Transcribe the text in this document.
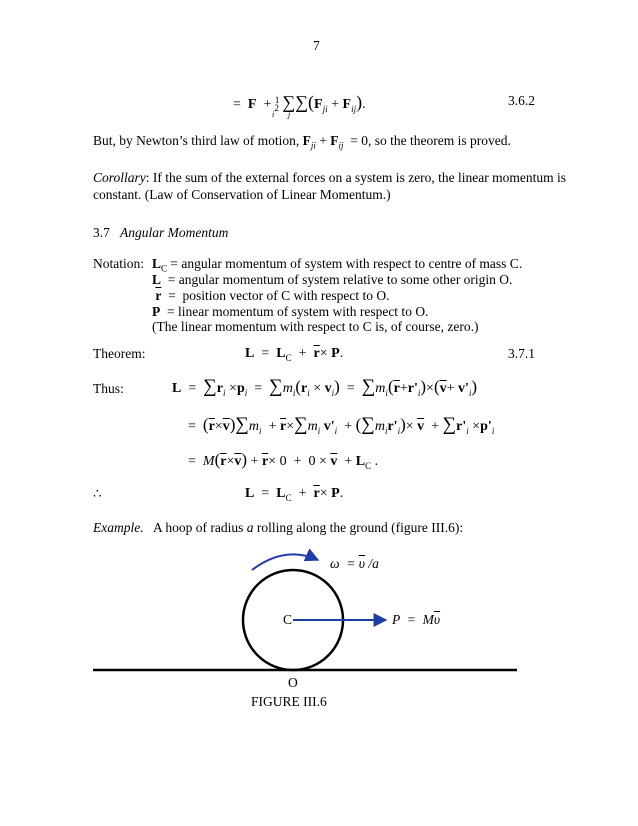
7
=  F  + $^1_2$ $\sum\sum(F_{ji} + F_{ij})$.
i j
3.6.2
But, by Newton’s third law of motion, $F_{ji} + F_{ij} = 0$, so the theorem is proved.
Corollary: If the sum of the external forces on a system is zero, the linear momentum is
constant. (Law of Conservation of Linear Momentum.)
3.7 Angular Momentum
Notation: $L_C$ = angular momentum of system with respect to centre of mass C.
L  = angular momentum of system relative to some other origin O.
$\overline{r}$  =  position vector of C with respect to O.
P  = linear momentum of system with respect to O.
(The linear momentum with respect to C is, of course, zero.)
Theorem:	$L = L_C + \overline{r}\times P$.	3.7.1
Thus:	$L = \sum r_i \times p_i = \sum m_i(r_i \times v_i) = \sum m_i(\overline{r}+r'_i)\times(\overline{v}+ v'_i)$
=  $(\overline{r}\times\overline{v})\sum m_i + \overline{r}\times\sum m_i$ $v'_i + (\sum m_ir'_i)\times \overline{v} + \sum r'_i \times p'_i$
=  $M(\overline{r}\times\overline{v}) + \overline{r}\times 0 + 0 \times \overline{v} + L_C$ .
∴	$L = L_C + \overline{r}\times P$.
Example. A hoop of radius a rolling along the ground (figure III.6):
$\omega = \overline{\upsilon}$ /a
C	$P = M\overline{\upsilon}$
O
FIGURE III.6
